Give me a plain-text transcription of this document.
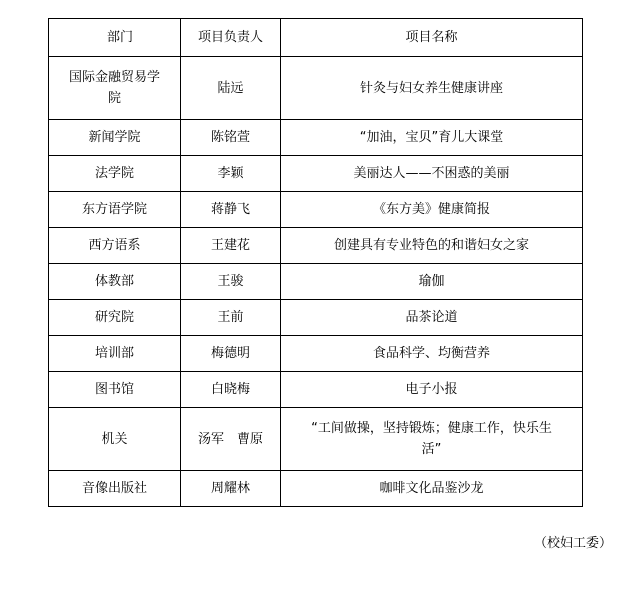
部门	项目负责人	项目名称
国际金融贸易学院	陆远	针灸与妇女养生健康讲座
新闻学院	陈铭萱	“加油，宝贝”育儿大课堂
法学院	李颖	美丽达人——不困惑的美丽
东方语学院	蒋静飞	《东方美》健康简报
西方语系	王建花	创建具有专业特色的和谐妇女之家
体教部	王骏	瑜伽
研究院	王前	品茶论道
培训部	梅德明	食品科学、均衡营养
图书馆	白晓梅	电子小报
机关	汤军　曹原	“工间做操，坚持锻炼；健康工作，快乐生活”
音像出版社	周耀林	咖啡文化品鉴沙龙
（校妇工委）
